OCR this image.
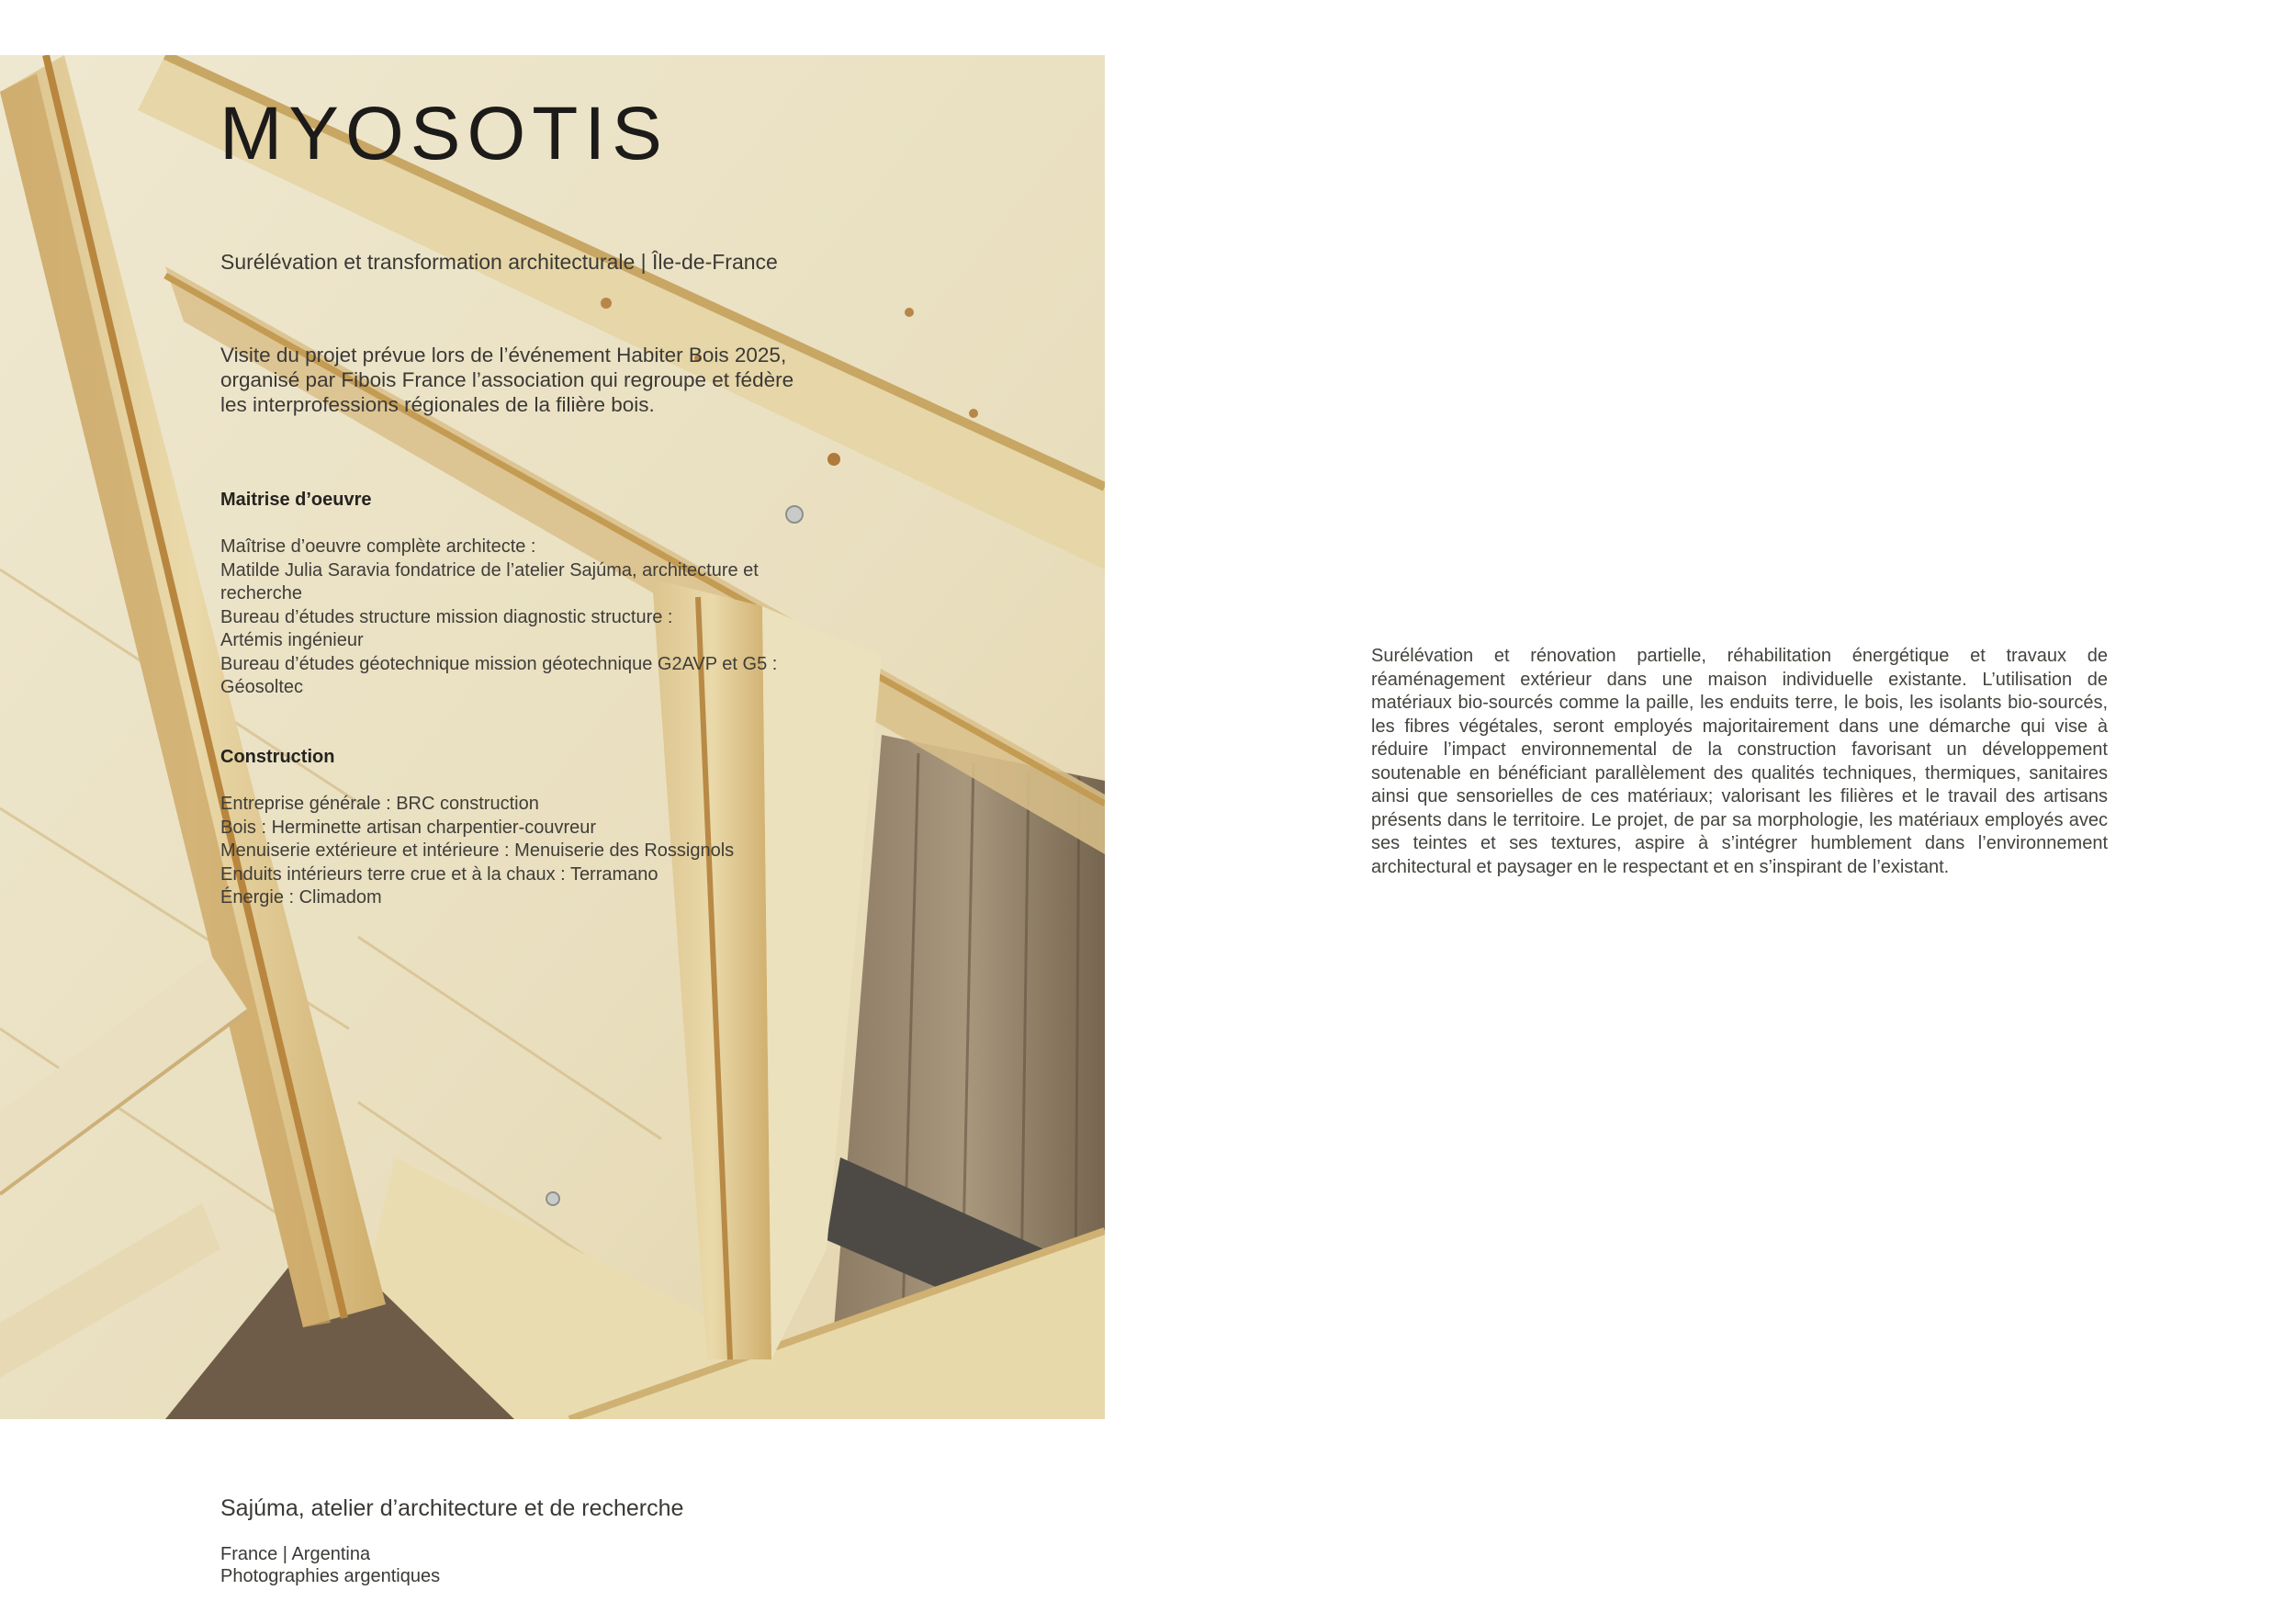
MYOSOTIS
Surélévation et transformation architecturale | Île-de-France
Visite du projet prévue lors de l’événement Habiter Bois 2025,
organisé par Fibois France l’association qui regroupe et fédère
les interprofessions régionales de la filière bois.
Maitrise d’oeuvre
Maîtrise d’oeuvre complète architecte :
Matilde Julia Saravia fondatrice de l’atelier Sajúma, architecture et
recherche
Bureau d’études structure mission diagnostic structure :
Artémis ingénieur
Bureau d’études géotechnique mission géotechnique G2AVP et G5 :
Géosoltec
Construction
Entreprise générale : BRC construction
Bois : Herminette artisan charpentier-couvreur
Menuiserie extérieure et intérieure : Menuiserie des Rossignols
Enduits intérieurs terre crue et à la chaux : Terramano
Énergie : Climadom
Surélévation et rénovation partielle, réhabilitation énergétique et travaux de réaménagement extérieur dans une maison individuelle existante. L’utilisation de matériaux bio-sourcés comme la paille, les enduits terre, le bois, les isolants bio-sourcés, les fibres végétales, seront employés majoritairement dans une démarche qui vise à réduire l’impact environnemental de la construction favorisant un développement soutenable en bénéficiant parallèlement des qualités techniques, thermiques, sanitaires ainsi que sensorielles de ces matériaux; valorisant les filières et le travail des artisans présents dans le territoire. Le projet, de par sa morphologie, les matériaux employés avec ses teintes et ses textures, aspire à s’intégrer humblement dans l’environnement architectural et paysager en le respectant et en s’inspirant de l’existant.
Sajúma, atelier d’architecture et de recherche
France | Argentina
Photographies argentiques
